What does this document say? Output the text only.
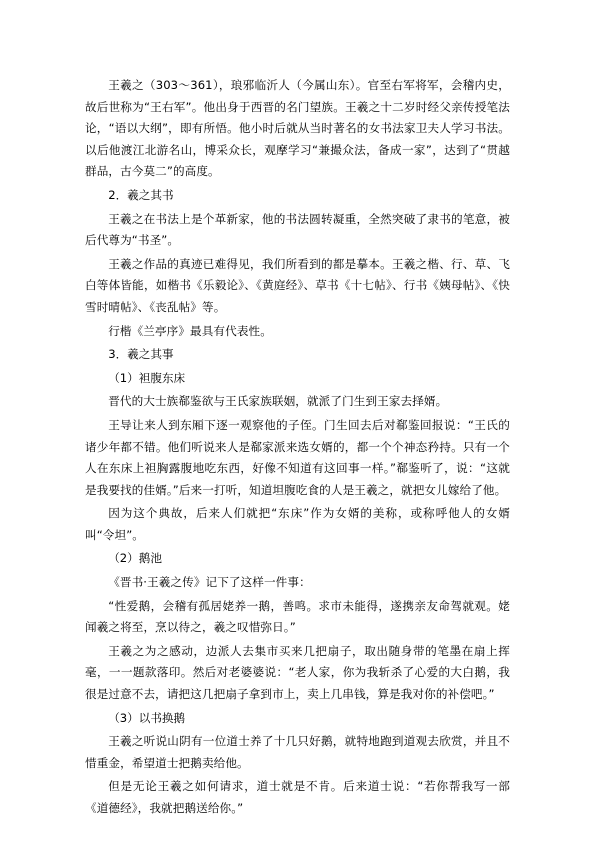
王羲之（303～361），琅邪临沂人（今属山东）。官至右军将军，会稽内史，故后世称为“王右军”。他出身于西晋的名门望族。王羲之十二岁时经父亲传授笔法论，“语以大纲”，即有所悟。他小时后就从当时著名的女书法家卫夫人学习书法。以后他渡江北游名山，博采众长，观摩学习“兼撮众法，备成一家”，达到了“贯越群品，古今莫二”的高度。

2．羲之其书

王羲之在书法上是个革新家，他的书法圆转凝重，全然突破了隶书的笔意，被后代尊为“书圣”。

王羲之作品的真迹已难得见，我们所看到的都是摹本。王羲之楷、行、草、飞白等体皆能，如楷书《乐毅论》、《黄庭经》、草书《十七帖》、行书《姨母帖》、《快雪时晴帖》、《丧乱帖》等。

行楷《兰亭序》最具有代表性。

3．羲之其事

（1）袒腹东床

晋代的大士族郗鉴欲与王氏家族联姻，就派了门生到王家去择婿。

王导让来人到东厢下逐一观察他的子侄。门生回去后对郗鉴回报说：“王氏的诸少年都不错。他们听说来人是郗家派来选女婿的，都一个个神态矜持。只有一个人在东床上袒胸露腹地吃东西，好像不知道有这回事一样。”郗鉴听了，说：“这就是我要找的佳婿。”后来一打听，知道坦腹吃食的人是王羲之，就把女儿嫁给了他。

因为这个典故，后来人们就把“东床”作为女婿的美称，或称呼他人的女婿叫“令坦”。

（2）鹅池

《晋书·王羲之传》记下了这样一件事：

“性爱鹅，会稽有孤居姥养一鹅，善鸣。求市未能得，遂携亲友命驾就观。姥闻羲之将至，烹以待之，羲之叹惜弥日。”

王羲之为之感动，边派人去集市买来几把扇子，取出随身带的笔墨在扇上挥毫，一一题款落印。然后对老婆婆说：“老人家，你为我斩杀了心爱的大白鹅，我很是过意不去，请把这几把扇子拿到市上，卖上几串钱，算是我对你的补偿吧。”

（3）以书换鹅

王羲之听说山阴有一位道士养了十几只好鹅，就特地跑到道观去欣赏，并且不惜重金，希望道士把鹅卖给他。

但是无论王羲之如何请求，道士就是不肯。后来道士说：“若你帮我写一部《道德经》，我就把鹅送给你。”
